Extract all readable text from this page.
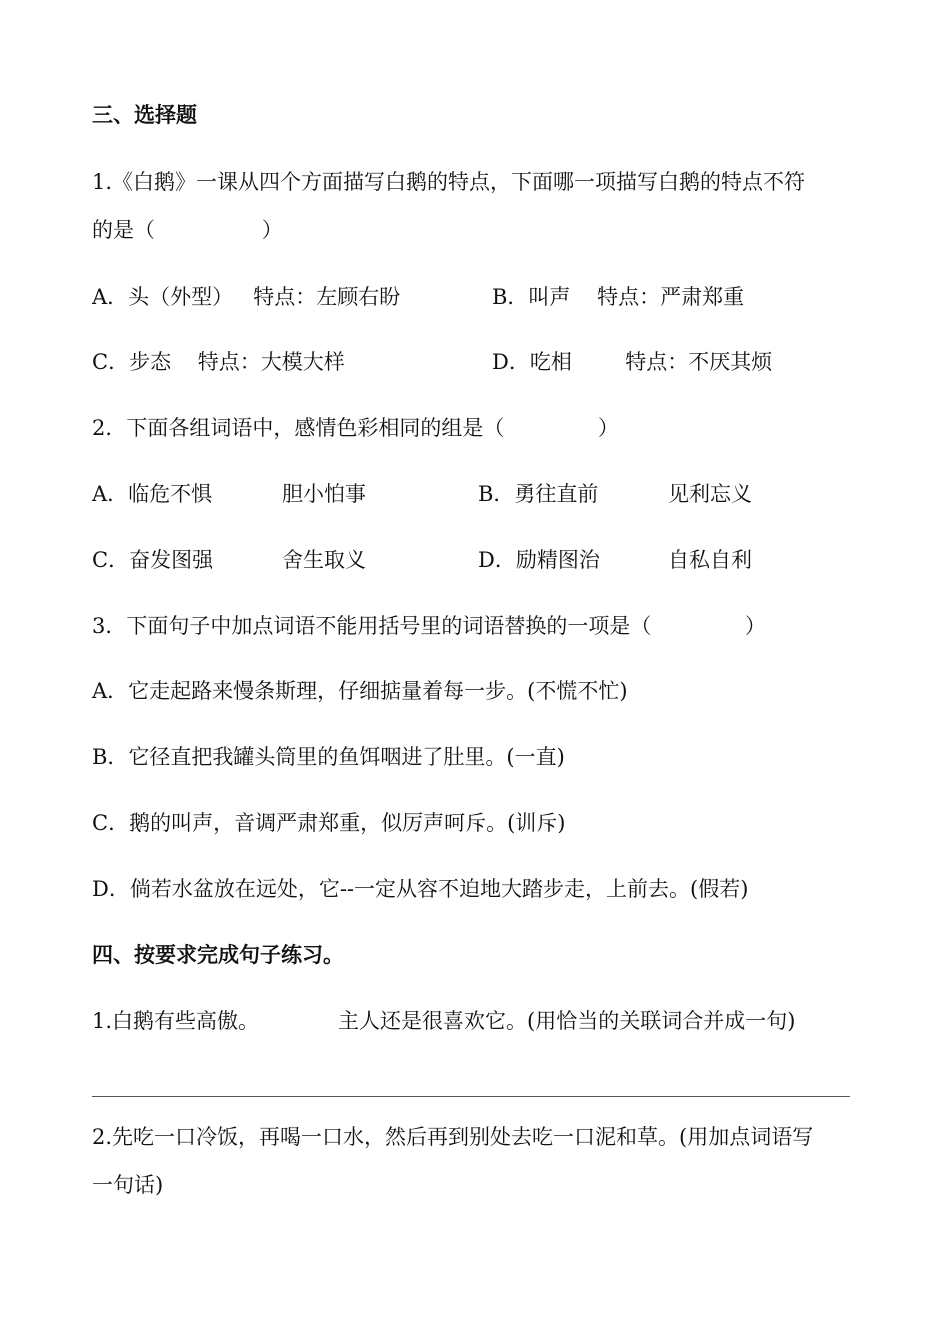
三、选择题
1.《白鹅》一课从四个方面描写白鹅的特点，下面哪一项描写白鹅的特点不符
的是（                ）
A．头（外型）   特点：左顾右盼	B．叫声    特点：严肃郑重
C．步态    特点：大模大样	D．吃相        特点：不厌其烦
2．下面各组词语中，感情色彩相同的组是（              ）
A．临危不惧	胆小怕事	B．勇往直前	见利忘义
C．奋发图强	舍生取义	D．励精图治	自私自利
3．下面句子中加点词语不能用括号里的词语替换的一项是（              ）
A．它走起路来慢条斯理，仔细掂量着每一步。(不慌不忙)
B．它径直把我罐头筒里的鱼饵咽进了肚里。(一直)
C．鹅的叫声，音调严肃郑重，似厉声呵斥。(训斥)
D．倘若水盆放在远处，它--一定从容不迫地大踏步走，上前去。(假若)
四、按要求完成句子练习。
1.白鹅有些高傲。	主人还是很喜欢它。(用恰当的关联词合并成一句)
2.先吃一口冷饭，再喝一口水，然后再到别处去吃一口泥和草。(用加点词语写
一句话)
